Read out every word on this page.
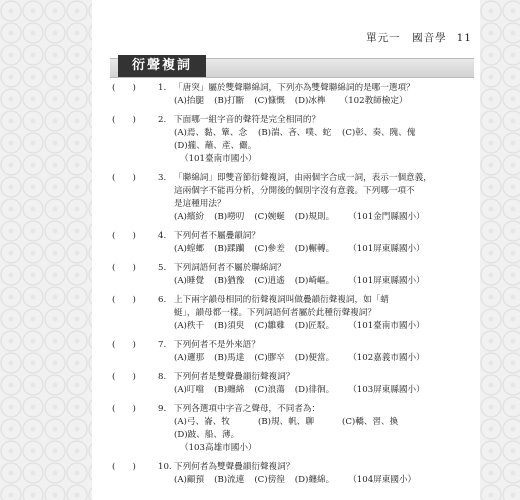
單元一　國音學 11
衍聲複詞
(　　)	1. 「唐突」屬於雙聲聯綿詞，下列亦為雙聲聯綿詞的是哪一選項？
(A)抬腿 (B)打斷 (C)慷慨 (D)冰榫 （102教師檢定）
(　　)	2. 下面哪一組字音的聲符是完全相同的？
(A)焉、黏、簞、念 (B)湍、吝、噗、蛇 (C)彰、奏、隗、傀(D)攏、蘸、產、儼。
（101臺南市國小）
(　　)	3. 「聯綿詞」即雙音節衍聲複詞，由兩個字合成一詞，表示一個意義，
這兩個字不能再分析，分開後的個別字沒有意義。下列哪一項不
是這種用法？
(A)繽紛 (B)嘮叨 (C)婉蜒 (D)規則。 （101金門縣國小）
(　　)	4. 下列何者不屬疊韻詞？
(A)蝗螂 (B)蹂躪 (C)參差 (D)輾轉。 （101屏東縣國小）
(　　)	5. 下列詞語何者不屬於聯綿詞？
(A)睡覺 (B)猶豫 (C)逍遙 (D)崎嶇。 （101屏東縣國小）
(　　)	6. 上下兩字韻母相同的衍聲複詞叫做疊韻衍聲複詞，如「蜻
蜓」，韻母都一樣。下列詞語何者屬於此種衍聲複詞？
(A)秩千 (B)須臾 (C)雛雞 (D)匠駁。 （101臺南市國小）
(　　)	7. 下列何者不是外來語？
(A)邏那 (B)馬達 (C)膠卒 (D)便當。 （102嘉義市國小）
(　　)	8. 下列何者是雙聲疊韻衍聲複詞？
(A)叮噹 (B)纏綿 (C)浪蕩 (D)徘徊。 （103屏東縣國小）
(　　)	9. 下列各選項中字音之聲母，不同者為：
(A)弓、崙、牧	(B)規、帆、聊	(C)轎、習、換(D)跛、船、薄。
（103高雄市國小）
(　　)	10. 下列何者為雙聲疊韻衍聲複詞？
(A)顧預 (B)流連 (C)傍徨 (D)纏綿。 （104屏東國小）
